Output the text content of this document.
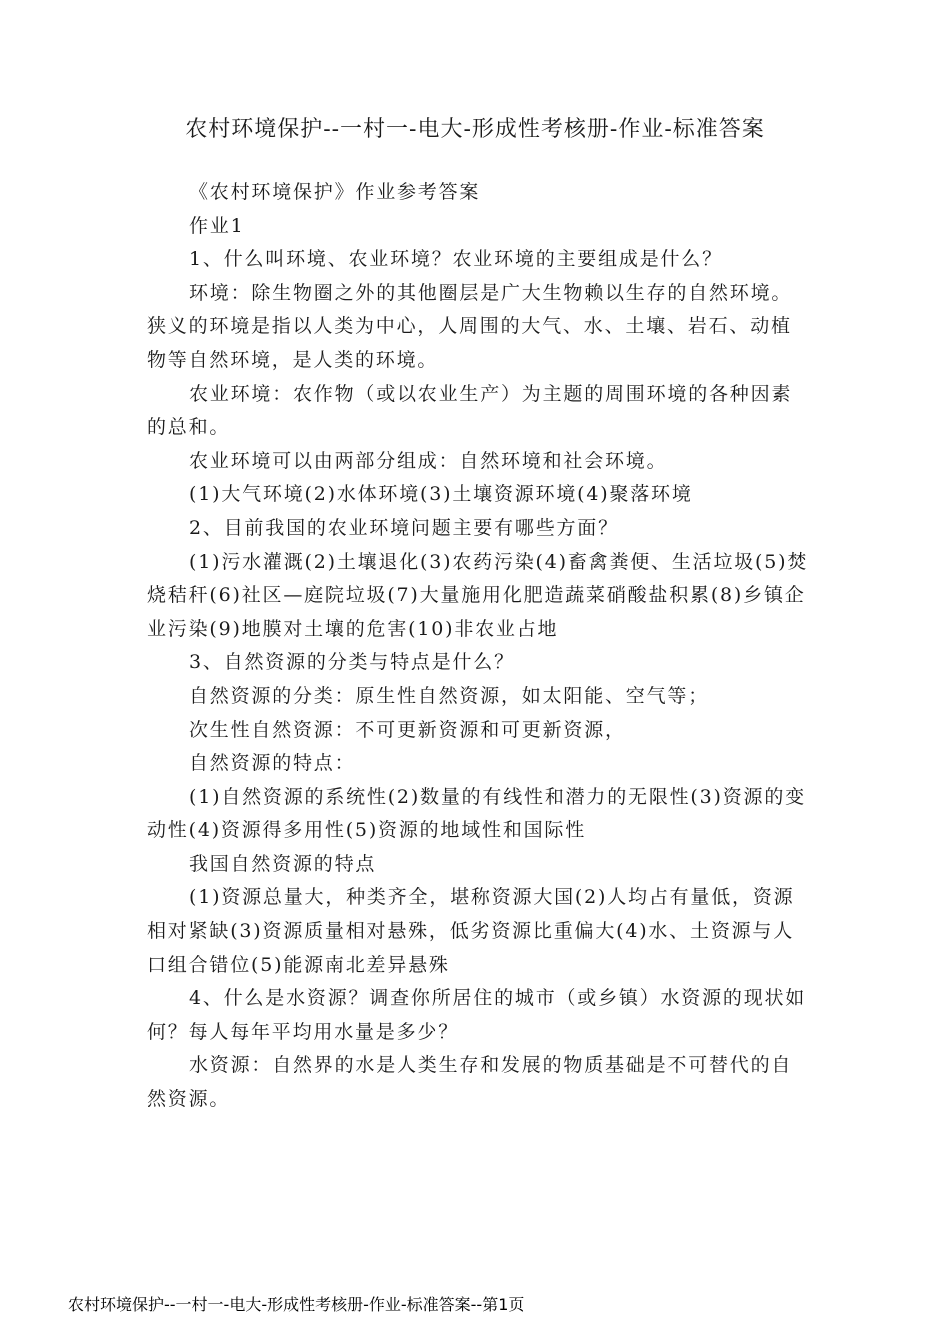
农村环境保护--一村一-电大-形成性考核册-作业-标准答案

《农村环境保护》作业参考答案

作业1

1、什么叫环境、农业环境？农业环境的主要组成是什么？

环境：除生物圈之外的其他圈层是广大生物赖以生存的自然环境。狭义的环境是指以人类为中心，人周围的大气、水、土壤、岩石、动植物等自然环境，是人类的环境。

农业环境：农作物（或以农业生产）为主题的周围环境的各种因素的总和。

农业环境可以由两部分组成：自然环境和社会环境。

(1)大气环境(2)水体环境(3)土壤资源环境(4)聚落环境

2、目前我国的农业环境问题主要有哪些方面？

(1)污水灌溉(2)土壤退化(3)农药污染(4)畜禽粪便、生活垃圾(5)焚烧秸秆(6)社区—庭院垃圾(7)大量施用化肥造蔬菜硝酸盐积累(8)乡镇企业污染(9)地膜对土壤的危害(10)非农业占地

3、自然资源的分类与特点是什么？

自然资源的分类：原生性自然资源，如太阳能、空气等；

次生性自然资源：不可更新资源和可更新资源，

自然资源的特点：

(1)自然资源的系统性(2)数量的有线性和潜力的无限性(3)资源的变动性(4)资源得多用性(5)资源的地域性和国际性

我国自然资源的特点

(1)资源总量大，种类齐全，堪称资源大国(2)人均占有量低，资源相对紧缺(3)资源质量相对悬殊，低劣资源比重偏大(4)水、土资源与人口组合错位(5)能源南北差异悬殊

4、什么是水资源？调查你所居住的城市（或乡镇）水资源的现状如何？每人每年平均用水量是多少？

水资源：自然界的水是人类生存和发展的物质基础是不可替代的自然资源。

农村环境保护--一村一-电大-形成性考核册-作业-标准答案--第1页
